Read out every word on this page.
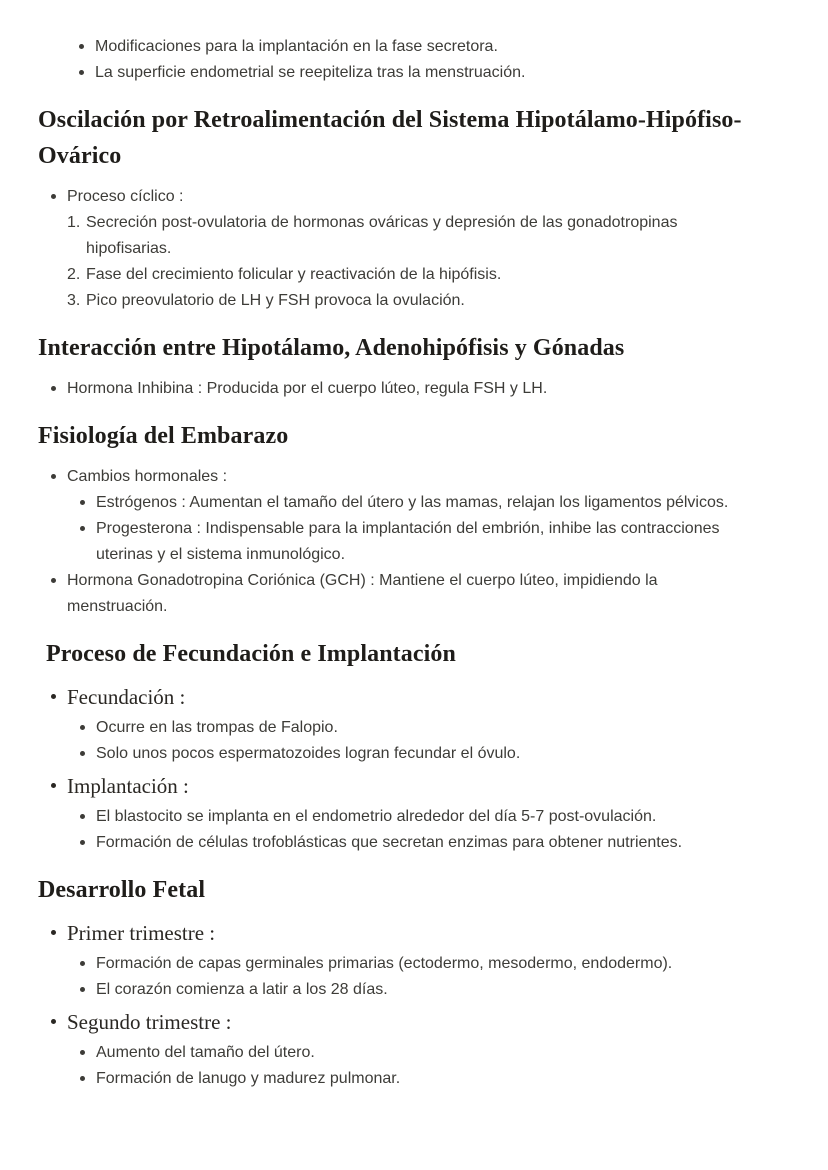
Modificaciones para la implantación en la fase secretora.
La superficie endometrial se reepiteliza tras la menstruación.
Oscilación por Retroalimentación del Sistema Hipotálamo-Hipófiso-Ovárico
Proceso cíclico :
Secreción post-ovulatoria de hormonas ováricas y depresión de las gonadotropinas hipofisarias.
Fase del crecimiento folicular y reactivación de la hipófisis.
Pico preovulatorio de LH y FSH provoca la ovulación.
Interacción entre Hipotálamo, Adenohipófisis y Gónadas
Hormona Inhibina : Producida por el cuerpo lúteo, regula FSH y LH.
Fisiología del Embarazo
Cambios hormonales :
Estrógenos : Aumentan el tamaño del útero y las mamas, relajan los ligamentos pélvicos.
Progesterona : Indispensable para la implantación del embrión, inhibe las contracciones uterinas y el sistema inmunológico.
Hormona Gonadotropina Coriónica (GCH) : Mantiene el cuerpo lúteo, impidiendo la menstruación.
Proceso de Fecundación e Implantación
Fecundación :
Ocurre en las trompas de Falopio.
Solo unos pocos espermatozoides logran fecundar el óvulo.
Implantación :
El blastocito se implanta en el endometrio alrededor del día 5-7 post-ovulación.
Formación de células trofoblásticas que secretan enzimas para obtener nutrientes.
Desarrollo Fetal
Primer trimestre :
Formación de capas germinales primarias (ectodermo, mesodermo, endodermo).
El corazón comienza a latir a los 28 días.
Segundo trimestre :
Aumento del tamaño del útero.
Formación de lanugo y madurez pulmonar.
